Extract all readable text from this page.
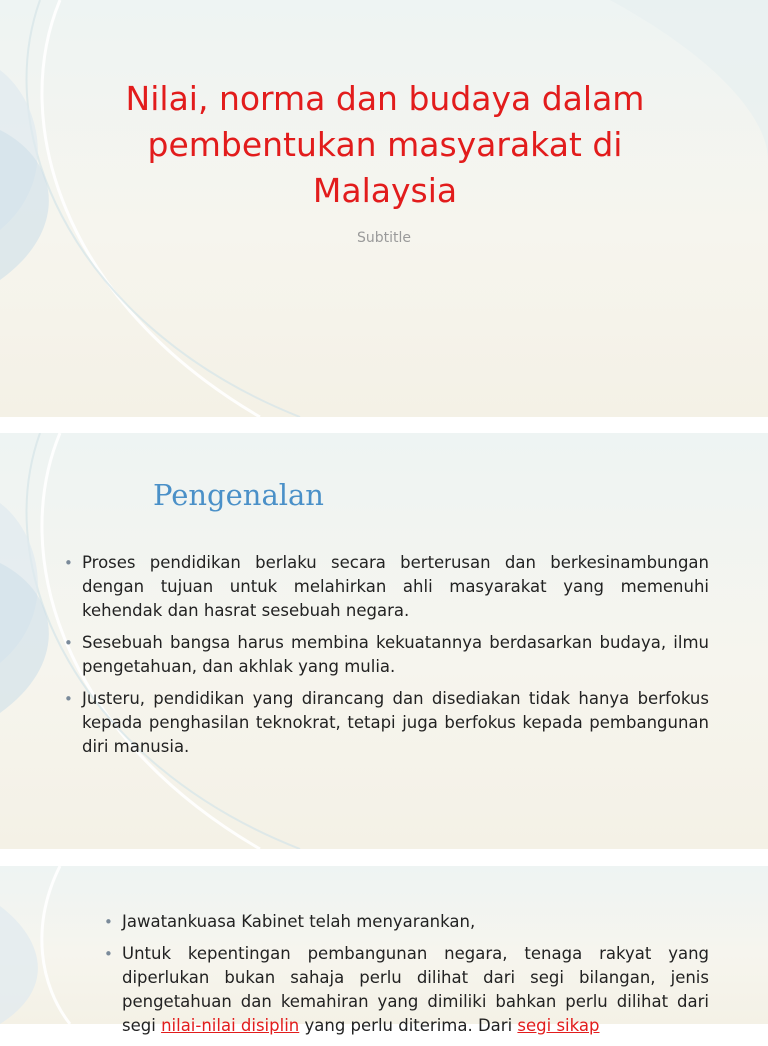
Nilai, norma dan budaya dalam pembentukan masyarakat di Malaysia
Subtitle
Pengenalan
• Proses pendidikan berlaku secara berterusan dan berkesinambungan dengan tujuan untuk melahirkan ahli masyarakat yang memenuhi kehendak dan hasrat sesebuah negara.
• Sesebuah bangsa harus membina kekuatannya berdasarkan budaya, ilmu pengetahuan, dan akhlak yang mulia.
• Justeru, pendidikan yang dirancang dan disediakan tidak hanya berfokus kepada penghasilan teknokrat, tetapi juga berfokus kepada pembangunan diri manusia.
• Jawatankuasa Kabinet telah menyarankan,
• Untuk kepentingan pembangunan negara, tenaga rakyat yang diperlukan bukan sahaja perlu dilihat dari segi bilangan, jenis pengetahuan dan kemahiran yang dimiliki bahkan perlu dilihat dari segi nilai-nilai disiplin yang perlu diterima. Dari segi sikap
